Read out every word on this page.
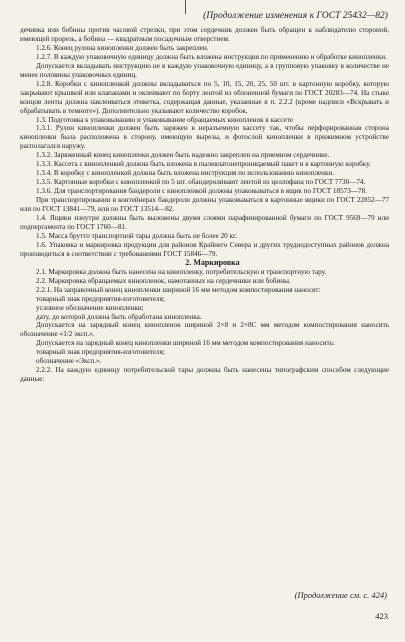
(Продолжение изменения к ГОСТ 25432—82)

дечника или бобины против часовой стрелки, при этом сердечник должен быть обращен к наблюдателю стороной, имеющей прорезь, а бобина — квадратным посадочным отверстием.

1.2.6. Конец рулона кинопленки должен быть закреплен.

1.2.7. В каждую упаковочную единицу должна быть вложена инструкция по применению и обработке кинопленки.

Допускается вкладывать инструкцию не в каждую упаковочную единицу, а в групповую упаковку в количестве не менее половины упаковочных единиц.

1.2.8. Коробки с кинопленкой должны вкладываться по 5, 10, 15, 20, 25, 50 шт. в картонную коробку, которую закрывают крышкой или клапанами и оклеивают по борту лентой из облоненной бумаги по ГОСТ 20283—74. На стыке концов ленты должна наклеиваться этикетка, содержащая данные, указанные в п. 2.2.2 (кроме надписи «Вскрывать и обрабатывать в темноте»). Дополнительно указывают количество коробок.

1.3. Подготовка к упаковыванию и упаковывание обращаемых кинопленок в кассете

1.3.1. Рулон кинопленки должен быть заряжен в неразъемную кассету так, чтобы перфорированная сторона кинопленки была расположена в сторону, имеющую вырезы, и фотослой кинопленки в прижимном устройстве располагался наружу.

1.3.2. Заряженный конец кинопленки должен быть надежно закреплен на приемном сердечнике.

1.3.3. Кассета с кинопленкой должна быть вложена в пылевлагонепроницаемый пакет и в картонную коробку.

1.3.4. В коробку с кинопленкой должна быть вложена инструкция по использованию кинопленки.

1.3.5. Картонные коробки с кинопленкой по 5 шт. обандероливают лентой из целлофана по ГОСТ 7730—74.

1.3.6. Для транспортирования бандероли с кинопленкой должны упаковываться в ящик по ГОСТ 18573—78.

При транспортировании в контейнерах бандероли должны упаковываться в картонные ящики по ГОСТ 22852—77 или по ГОСТ 13841—79, или по ГОСТ 13514—82.

1.4. Ящики изнутри должны быть выложены двумя слоями парафинированной бумаги по ГОСТ 9569—79 или подпергамента по ГОСТ 1760—81.

1.5. Масса брутто транспортной тары должна быть не более 20 кг.

1.6. Упаковка и маркировка продукции для районов Крайнего Севера и других труднодоступных районов должна производиться в соответствии с требованиями ГОСТ 15846—79.

2. Маркировка

2.1. Маркировка должна быть нанесена на кинопленку, потребительскую и транспортную тару.

2.2. Маркировка обращаемых кинопленок, намотанных на сердечники или бобины.

2.2.1. На заправочный конец кинопленки шириной 16 мм методом компостирования наносят:

товарный знак предприятия-изготовителя;

условное обозначение кинопленки;

дату, до которой должна быть обработана кинопленка.

Допускается на зарядный конец кинопленок шириной 2×8 и 2×8С мм методом компостирования наносить обозначение «1/2 эксп.».

Допускается на зарядный конец кинопленки шириной 16 мм методом компостирования наносить:

товарный знак предприятия-изготовителя;

обозначение «Эксп.».

2.2.2. На каждую единицу потребительской тары должны быть нанесены типографским способом следующие данные:

(Продолжение см. с. 424)
423
